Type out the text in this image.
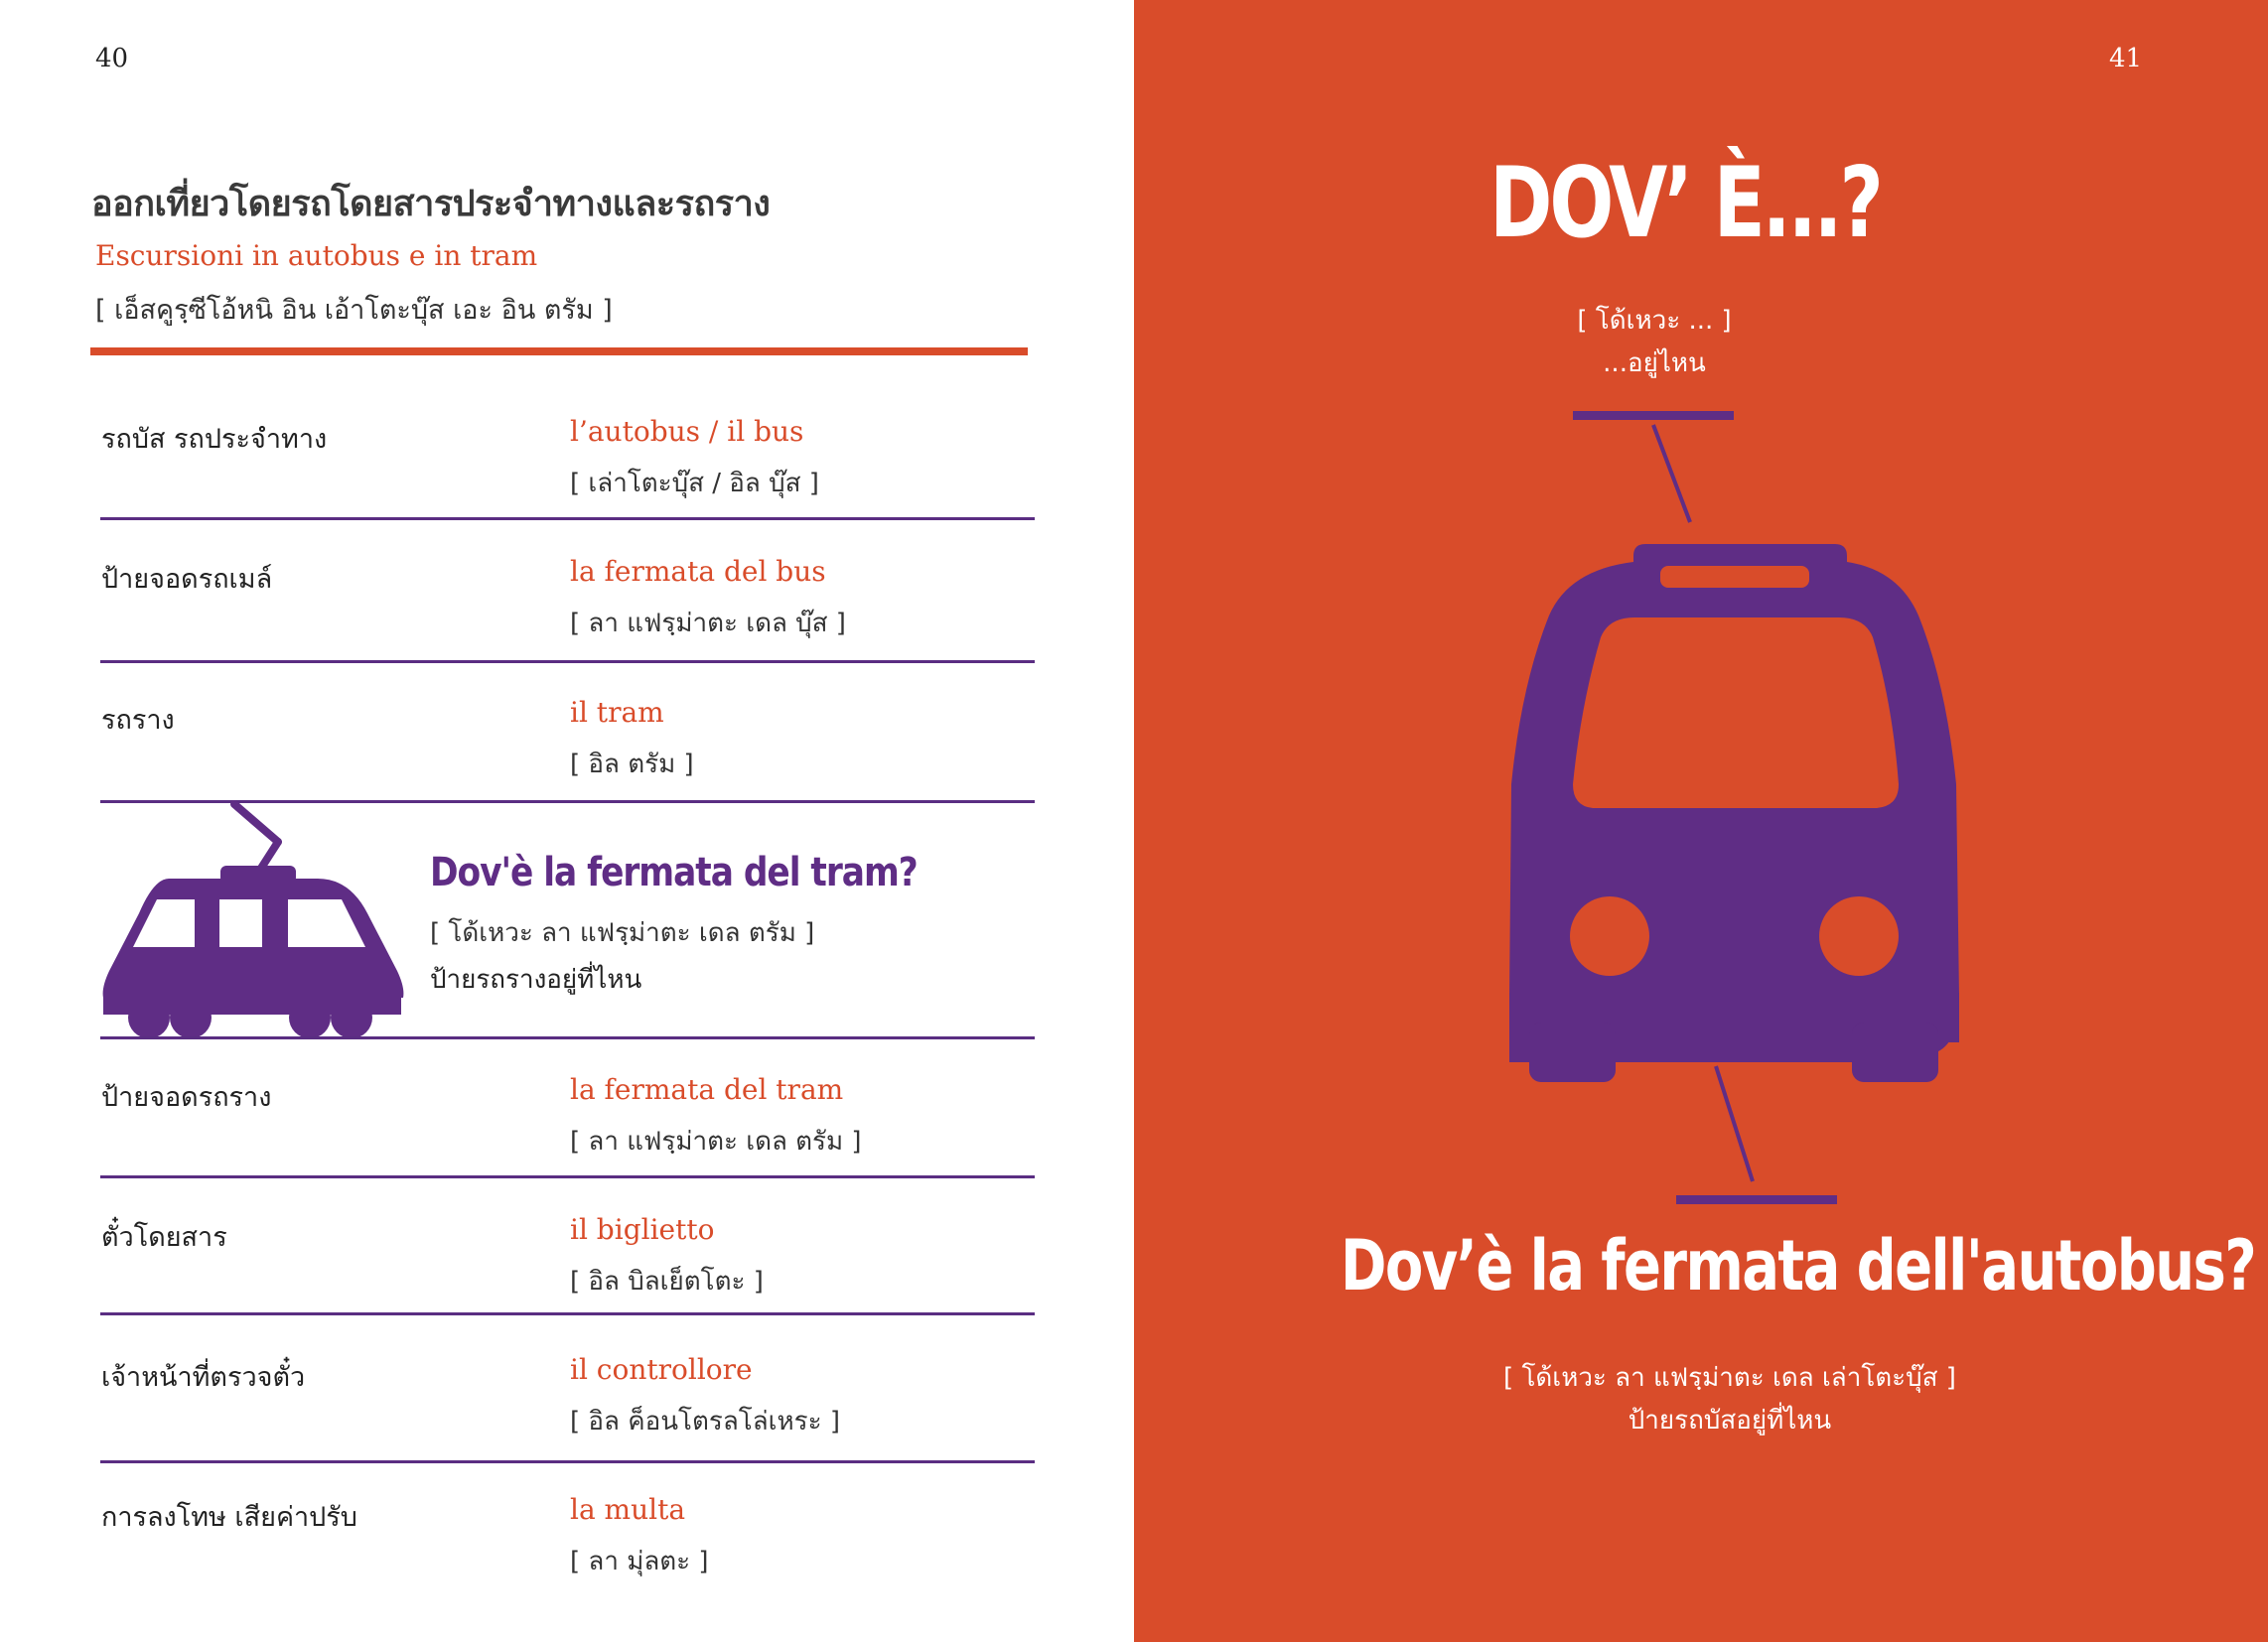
40
ออกเที่ยวโดยรถโดยสารประจำทางและรถราง
Escursioni in autobus e in tram
[ เอ็สคูรฺซีโอ้หนิ อิน เอ้าโตะบุ๊ส เอะ อิน ตรัม ]
รถบัส รถประจำทาง	l’autobus / il bus
[ เล่าโตะบุ๊ส / อิล บุ๊ส ]
ป้ายจอดรถเมล์	la fermata del bus
[ ลา แฟรฺม่าตะ เดล บุ๊ส ]
รถราง	il tram
[ อิล ตรัม ]
Dov'è la fermata del tram?
[ โด้เหวะ ลา แฟรฺม่าตะ เดล ตรัม ]
ป้ายรถรางอยู่ที่ไหน
ป้ายจอดรถราง	la fermata del tram
[ ลา แฟรฺม่าตะ เดล ตรัม ]
ตั๋วโดยสาร	il biglietto
[ อิล บิลเย็ตโตะ ]
เจ้าหน้าที่ตรวจตั๋ว	il controllore
[ อิล ค็อนโตรลโล่เหระ ]
การลงโทษ เสียค่าปรับ	la multa
[ ลา มุ่ลตะ ]
41
DOV’ È...?
[ โด้เหวะ ... ]
...อยู่ไหน
Dov’è la fermata dell'autobus?
[ โด้เหวะ ลา แฟรฺม่าตะ เดล เล่าโตะบุ๊ส ]
ป้ายรถบัสอยู่ที่ไหน
